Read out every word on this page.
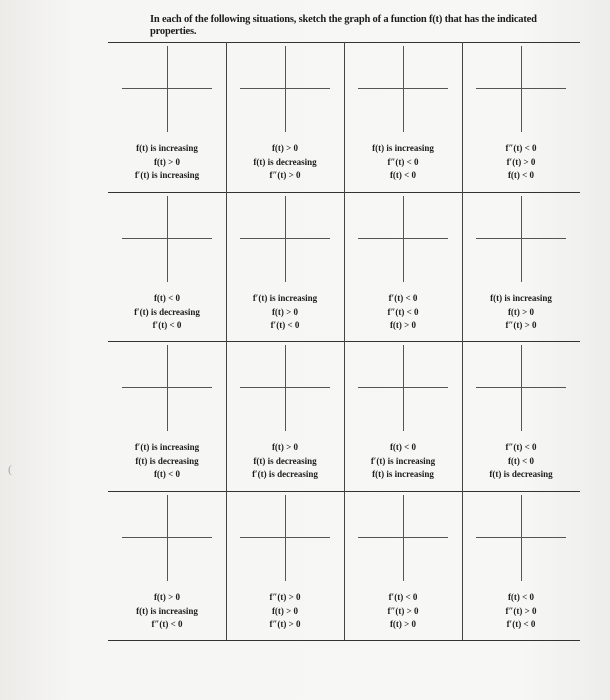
In each of the following situations, sketch the graph of a function f(t) that has the indicated properties.
(
f(t) is increasing
f(t) > 0
f′(t) is increasing
f(t) > 0
f(t) is decreasing
f″(t) > 0
f(t) is increasing
f″(t) < 0
f(t) < 0
f″(t) < 0
f′(t) > 0
f(t) < 0
f(t) < 0
f′(t) is decreasing
f′(t) < 0
f′(t) is increasing
f(t) > 0
f′(t) < 0
f′(t) < 0
f″(t) < 0
f(t) > 0
f(t) is increasing
f(t) > 0
f″(t) > 0
f′(t) is increasing
f(t) is decreasing
f(t) < 0
f(t) > 0
f(t) is decreasing
f′(t) is decreasing
f(t) < 0
f′(t) is increasing
f(t) is increasing
f″(t) < 0
f(t) < 0
f(t) is decreasing
f(t) > 0
f(t) is increasing
f″(t) < 0
f″(t) > 0
f(t) > 0
f″(t) > 0
f′(t) < 0
f″(t) > 0
f(t) > 0
f(t) < 0
f″(t) > 0
f′(t) < 0
